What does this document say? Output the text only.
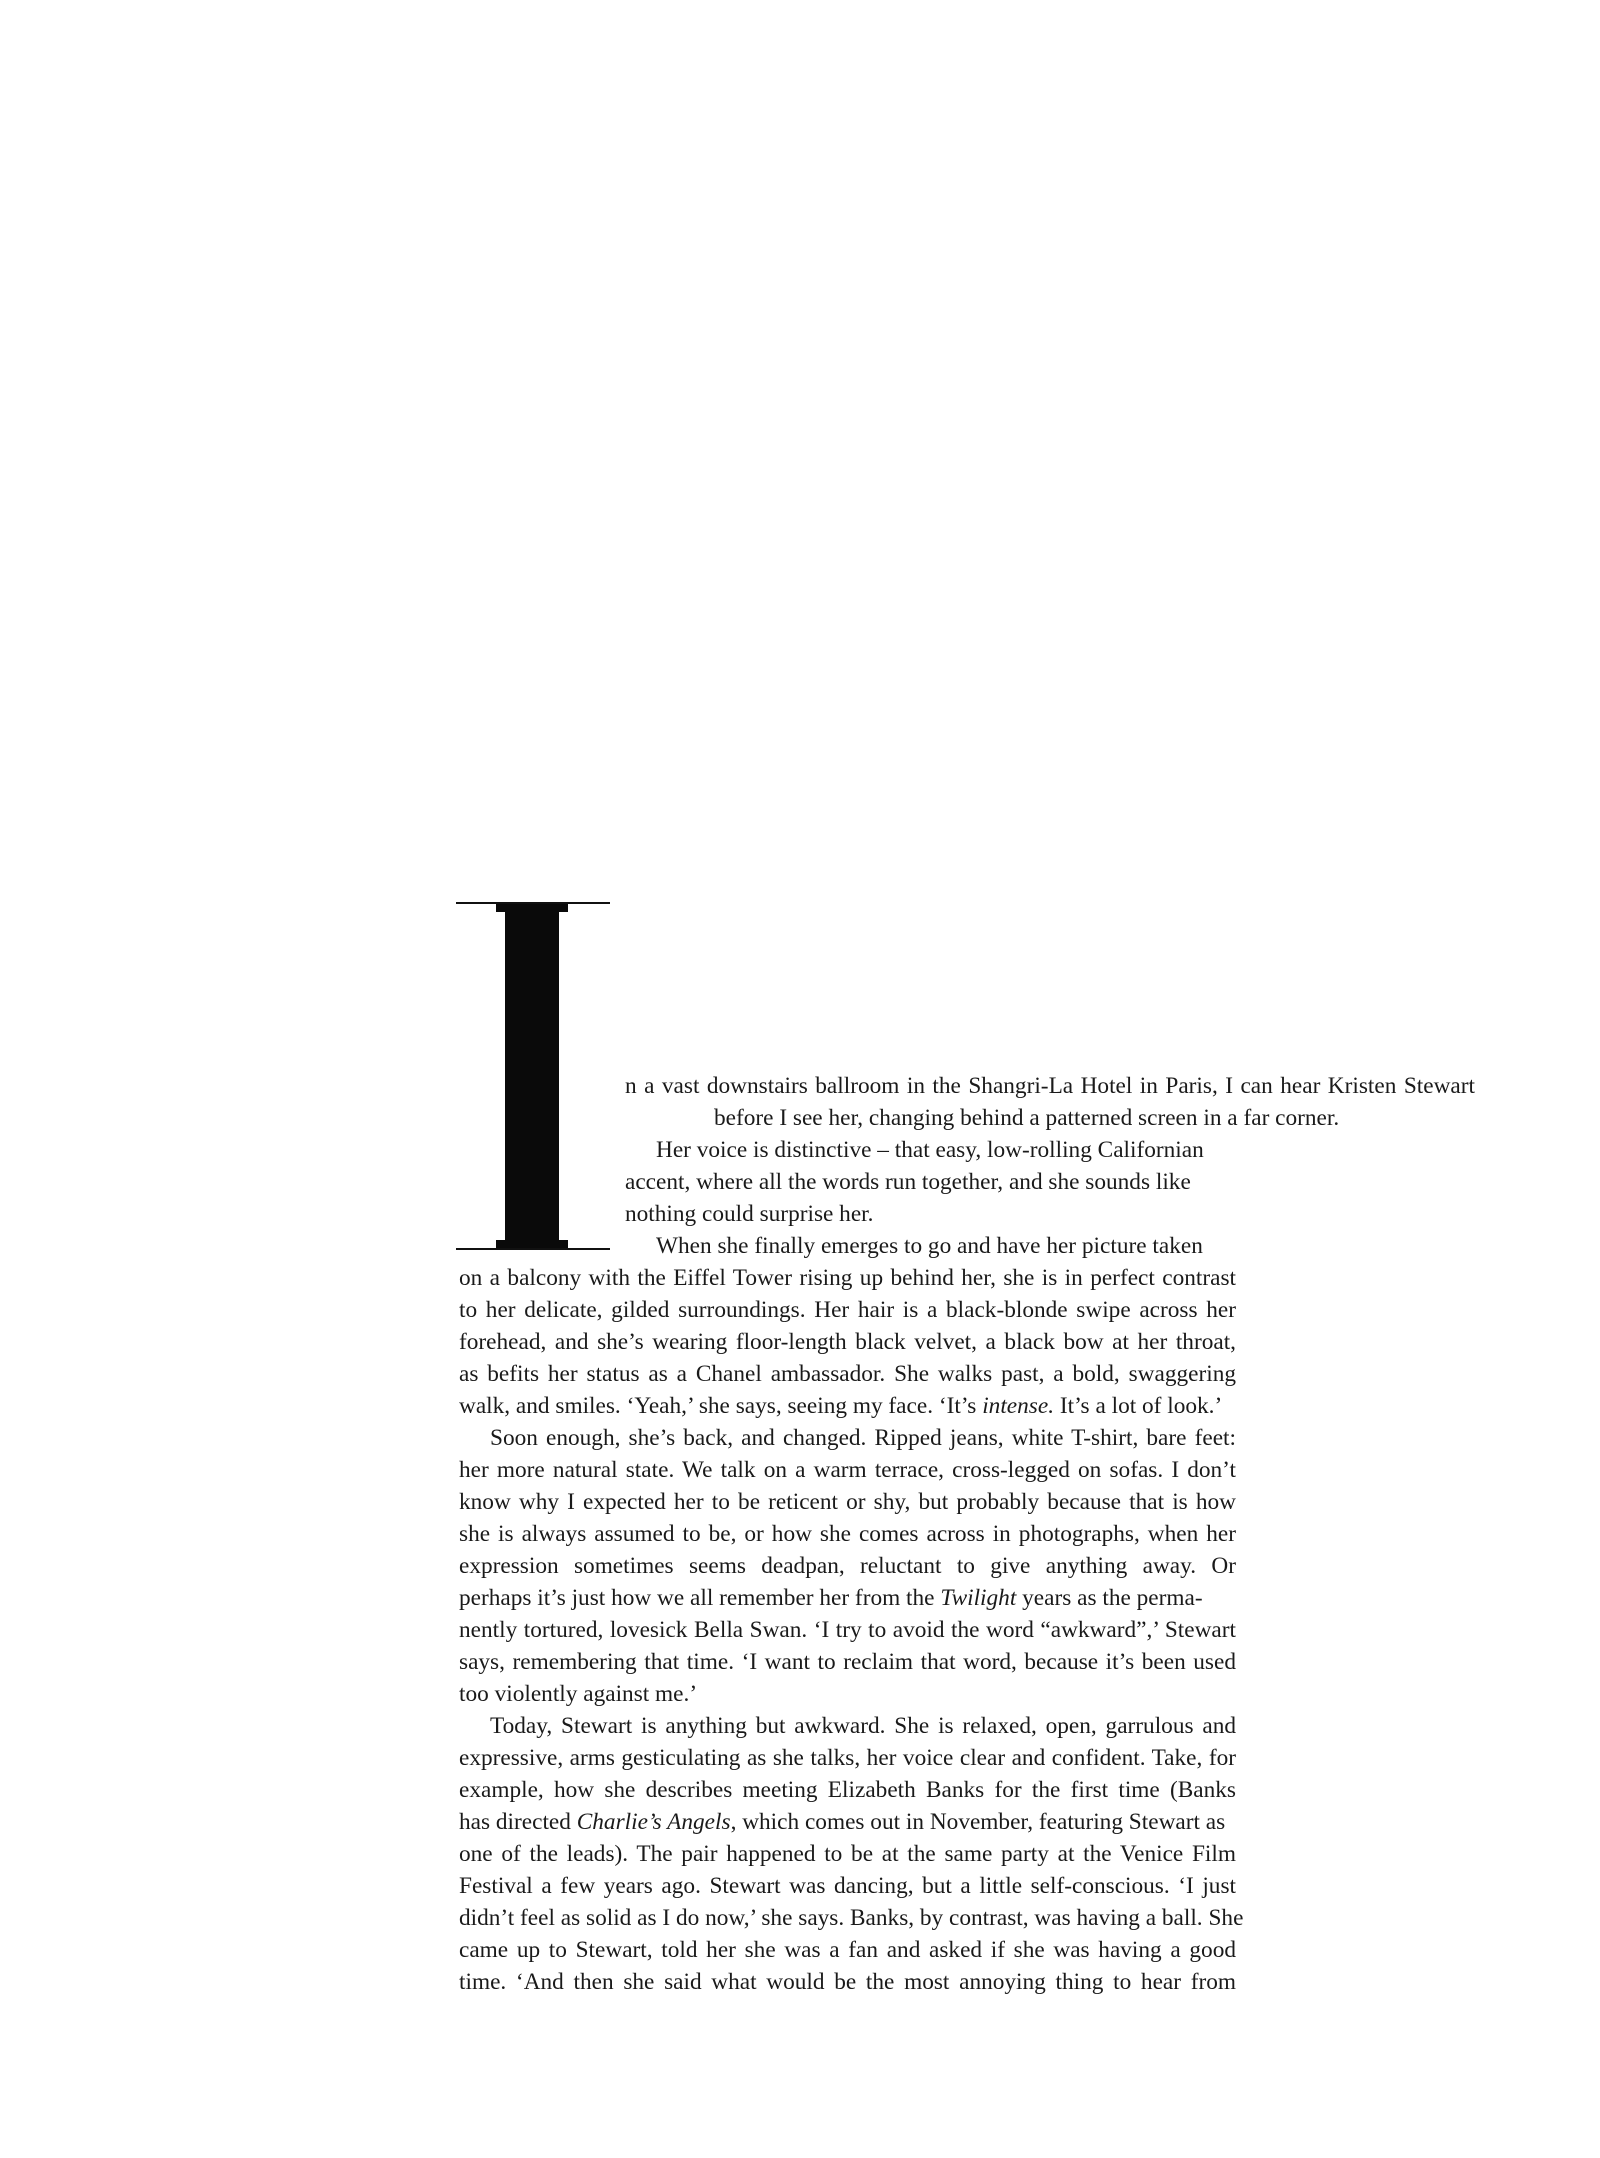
n a vast downstairs ballroom in the Shangri-La Hotel in Paris, I can hear Kristen Stewart
before I see her, changing behind a patterned screen in a far corner.
Her voice is distinctive – that easy, low-rolling Californian
accent, where all the words run together, and she sounds like
nothing could surprise her.
When she finally emerges to go and have her picture taken
on a balcony with the Eiffel Tower rising up behind her, she is in perfect contrast
to her delicate, gilded surroundings. Her hair is a black-blonde swipe across her
forehead, and she’s wearing floor-length black velvet, a black bow at her throat,
as befits her status as a Chanel ambassador. She walks past, a bold, swaggering
walk, and smiles. ‘Yeah,’ she says, seeing my face. ‘It’s intense. It’s a lot of look.’
Soon enough, she’s back, and changed. Ripped jeans, white T-shirt, bare feet:
her more natural state. We talk on a warm terrace, cross-legged on sofas. I don’t
know why I expected her to be reticent or shy, but probably because that is how
she is always assumed to be, or how she comes across in photographs, when her
expression sometimes seems deadpan, reluctant to give anything away. Or
perhaps it’s just how we all remember her from the Twilight years as the perma-
nently tortured, lovesick Bella Swan. ‘I try to avoid the word “awkward”,’ Stewart
says, remembering that time. ‘I want to reclaim that word, because it’s been used
too violently against me.’
Today, Stewart is anything but awkward. She is relaxed, open, garrulous and
expressive, arms gesticulating as she talks, her voice clear and confident. Take, for
example, how she describes meeting Elizabeth Banks for the first time (Banks
has directed Charlie’s Angels, which comes out in November, featuring Stewart as
one of the leads). The pair happened to be at the same party at the Venice Film
Festival a few years ago. Stewart was dancing, but a little self-conscious. ‘I just
didn’t feel as solid as I do now,’ she says. Banks, by contrast, was having a ball. She
came up to Stewart, told her she was a fan and asked if she was having a good
time. ‘And then she said what would be the most annoying thing to hear from
